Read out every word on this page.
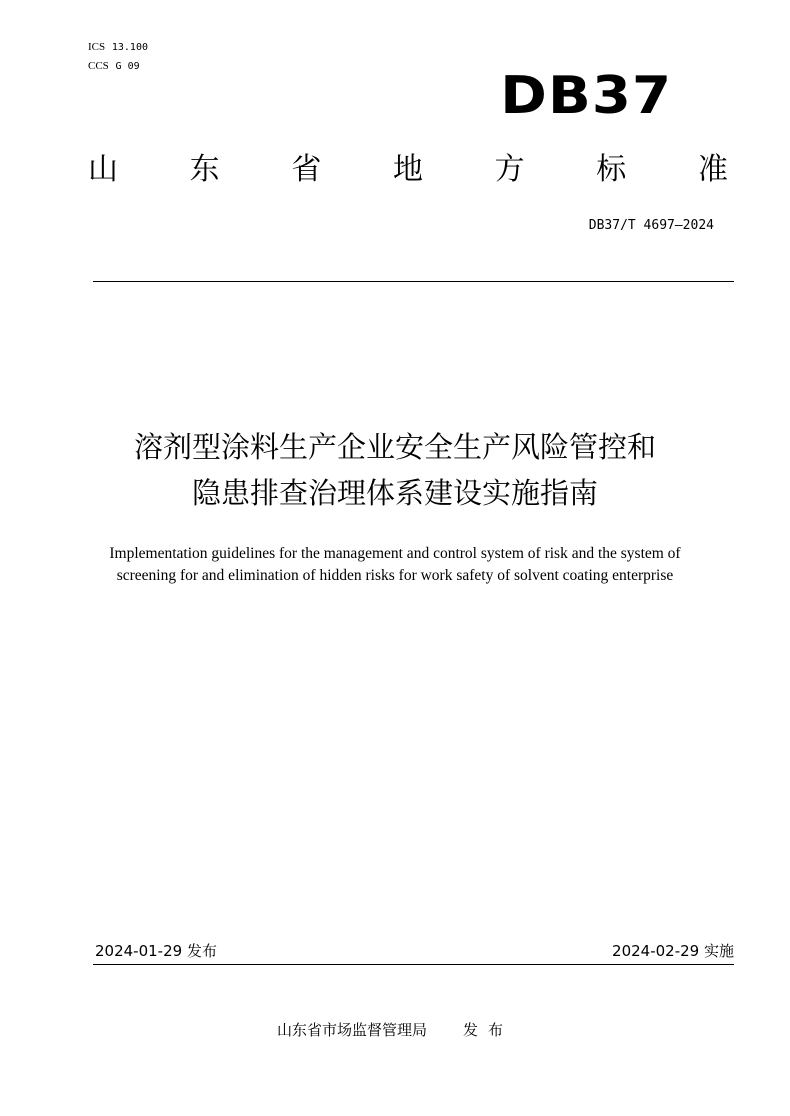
ICS 13.100
CCS G 09	DB37
山 东 省 地 方 标 准
DB37/T 4697—2024
溶剂型涂料生产企业安全生产风险管控和
隐患排查治理体系建设实施指南
Implementation guidelines for the management and control system of risk and the system of screening for and elimination of hidden risks for work safety of solvent coating enterprise
2024-01-29 发布	2024-02-29 实施
山东省市场监督管理局 发布
